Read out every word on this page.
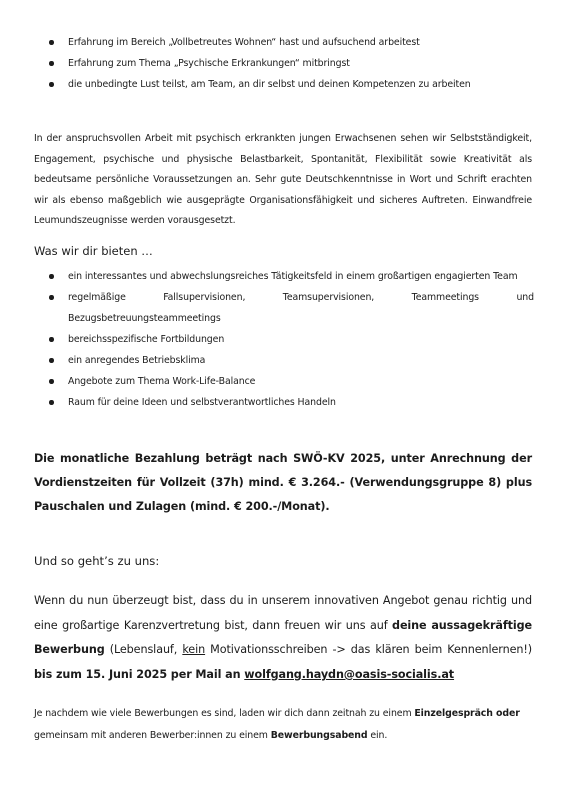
Erfahrung im Bereich „Vollbetreutes Wohnen“ hast und aufsuchend arbeitest
Erfahrung zum Thema „Psychische Erkrankungen“ mitbringst
die unbedingte Lust teilst, am Team, an dir selbst und deinen Kompetenzen zu arbeiten

In der anspruchsvollen Arbeit mit psychisch erkrankten jungen Erwachsenen sehen wir Selbstständigkeit, Engagement, psychische und physische Belastbarkeit, Spontanität, Flexibilität sowie Kreativität als bedeutsame persönliche Voraussetzungen an. Sehr gute Deutschkenntnisse in Wort und Schrift erachten wir als ebenso maßgeblich wie ausgeprägte Organisationsfähigkeit und sicheres Auftreten. Einwandfreie Leumundszeugnisse werden vorausgesetzt.

Was wir dir bieten …
ein interessantes und abwechslungsreiches Tätigkeitsfeld in einem großartigen engagierten Team
regelmäßige Fallsupervisionen, Teamsupervisionen, Teammeetings und
Bezugsbetreuungsteammeetings
bereichsspezifische Fortbildungen
ein anregendes Betriebsklima
Angebote zum Thema Work-Life-Balance
Raum für deine Ideen und selbstverantwortliches Handeln

Die monatliche Bezahlung beträgt nach SWÖ-KV 2025, unter Anrechnung der Vordienstzeiten für Vollzeit (37h) mind. € 3.264.- (Verwendungsgruppe 8) plus Pauschalen und Zulagen (mind. € 200.-/Monat).

Und so geht’s zu uns:

Wenn du nun überzeugt bist, dass du in unserem innovativen Angebot genau richtig und eine großartige Karenzvertretung bist, dann freuen wir uns auf deine aussagekräftige Bewerbung (Lebenslauf, kein Motivationsschreiben -> das klären beim Kennenlernen!) bis zum 15. Juni 2025 per Mail an wolfgang.haydn@oasis-socialis.at

Je nachdem wie viele Bewerbungen es sind, laden wir dich dann zeitnah zu einem Einzelgespräch oder gemeinsam mit anderen Bewerber:innen zu einem Bewerbungsabend ein.
